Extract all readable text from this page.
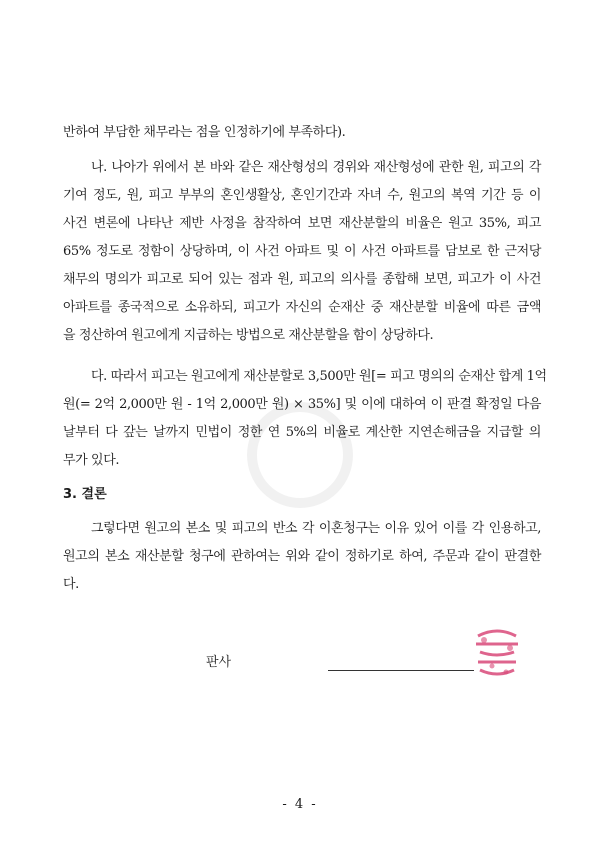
반하여 부담한 채무라는 점을 인정하기에 부족하다).
나. 나아가 위에서 본 바와 같은 재산형성의 경위와 재산형성에 관한 원, 피고의 각
기여 정도, 원, 피고 부부의 혼인생활상, 혼인기간과 자녀 수, 원고의 복역 기간 등 이
사건 변론에 나타난 제반 사정을 참작하여 보면 재산분할의 비율은 원고 35%, 피고
65% 정도로 정함이 상당하며, 이 사건 아파트 및 이 사건 아파트를 담보로 한 근저당
채무의 명의가 피고로 되어 있는 점과 원, 피고의 의사를 종합해 보면, 피고가 이 사건
아파트를 종국적으로 소유하되, 피고가 자신의 순재산 중 재산분할 비율에 따른 금액
을 정산하여 원고에게 지급하는 방법으로 재산분할을 함이 상당하다.
다. 따라서 피고는 원고에게 재산분할로 3,500만 원[= 피고 명의의 순재산 합계 1억
원(= 2억 2,000만 원 - 1억 2,000만 원) × 35%] 및 이에 대하여 이 판결 확정일 다음
날부터 다 갚는 날까지 민법이 정한 연 5%의 비율로 계산한 지연손해금을 지급할 의
무가 있다.
3. 결론
그렇다면 원고의 본소 및 피고의 반소 각 이혼청구는 이유 있어 이를 각 인용하고,
원고의 본소 재산분할 청구에 관하여는 위와 같이 정하기로 하여, 주문과 같이 판결한
다.
판사
- 4 -
